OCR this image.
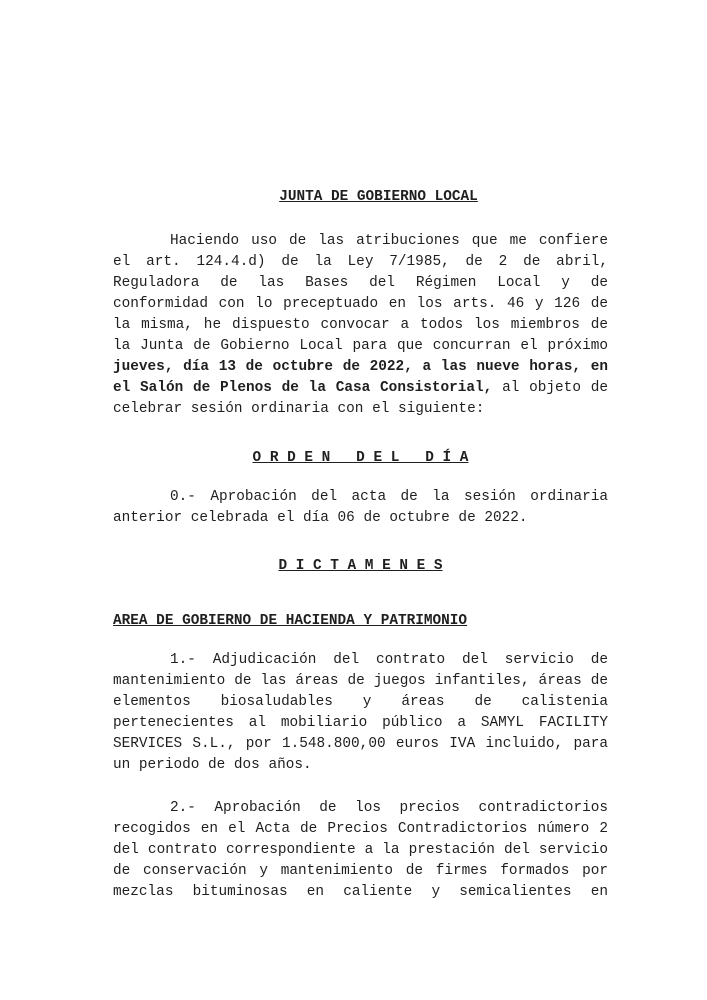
JUNTA DE GOBIERNO LOCAL

Haciendo uso de las atribuciones que me confiere el art. 124.4.d) de la Ley 7/1985, de 2 de abril, Reguladora de las Bases del Régimen Local y de conformidad con lo preceptuado en los arts. 46 y 126 de la misma, he dispuesto convocar a todos los miembros de la Junta de Gobierno Local para que concurran el próximo jueves, día 13 de octubre de 2022, a las nueve horas, en el Salón de Plenos de la Casa Consistorial, al objeto de celebrar sesión ordinaria con el siguiente:

O R D E N   D E L   D Í A

0.- Aprobación del acta de la sesión ordinaria anterior celebrada el día 06 de octubre de 2022.

D I C T A M E N E S
AREA DE GOBIERNO DE HACIENDA Y PATRIMONIO

1.- Adjudicación del contrato del servicio de mantenimiento de las áreas de juegos infantiles, áreas de elementos biosaludables y áreas de calistenia pertenecientes al mobiliario público a SAMYL FACILITY SERVICES S.L., por 1.548.800,00 euros IVA incluido, para un periodo de dos años.

2.- Aprobación de los precios contradictorios recogidos en el Acta de Precios Contradictorios número 2 del contrato correspondiente a la prestación del servicio de conservación y mantenimiento de firmes formados por mezclas bituminosas en caliente y semicalientes en
